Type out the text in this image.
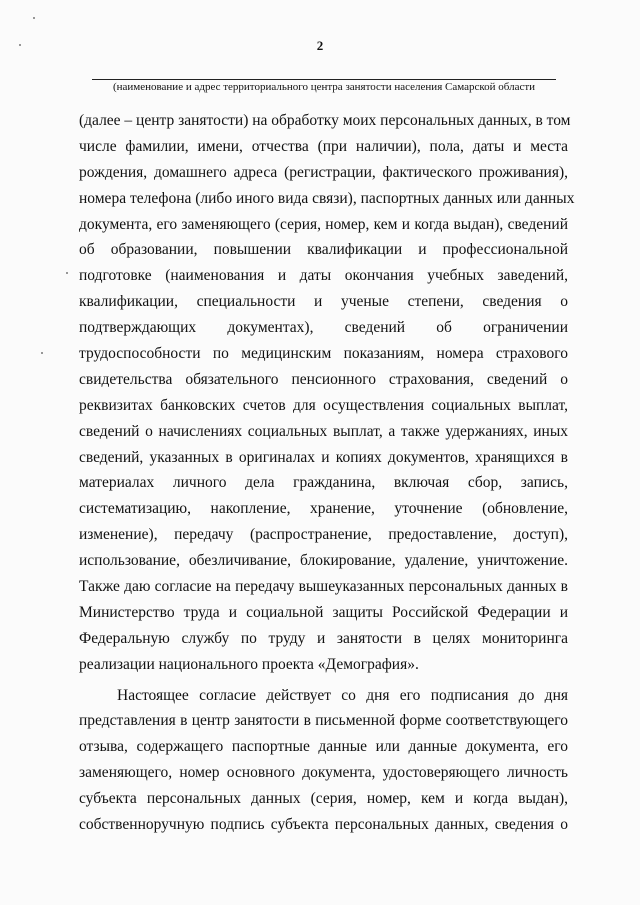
2
(наименование и адрес территориального центра занятости населения Самарской области
(далее – центр занятости) на обработку моих персональных данных, в том
числе фамилии, имени, отчества (при наличии), пола, даты и места
рождения, домашнего адреса (регистрации, фактического проживания),
номера телефона (либо иного вида связи), паспортных данных или данных
документа, его заменяющего (серия, номер, кем и когда выдан), сведений
об образовании, повышении квалификации и профессиональной
подготовке (наименования и даты окончания учебных заведений,
квалификации, специальности и ученые степени, сведения о
подтверждающих документах), сведений об ограничении
трудоспособности по медицинским показаниям, номера страхового
свидетельства обязательного пенсионного страхования, сведений о
реквизитах банковских счетов для осуществления социальных выплат,
сведений о начислениях социальных выплат, а также удержаниях, иных
сведений, указанных в оригиналах и копиях документов, хранящихся в
материалах личного дела гражданина, включая сбор, запись,
систематизацию, накопление, хранение, уточнение (обновление,
изменение), передачу (распространение, предоставление, доступ),
использование, обезличивание, блокирование, удаление, уничтожение.
Также даю согласие на передачу вышеуказанных персональных данных в
Министерство труда и социальной защиты Российской Федерации и
Федеральную службу по труду и занятости в целях мониторинга
реализации национального проекта «Демография».
Настоящее согласие действует со дня его подписания до дня
представления в центр занятости в письменной форме соответствующего
отзыва, содержащего паспортные данные или данные документа, его
заменяющего, номер основного документа, удостоверяющего личность
субъекта персональных данных (серия, номер, кем и когда выдан),
собственноручную подпись субъекта персональных данных, сведения о
